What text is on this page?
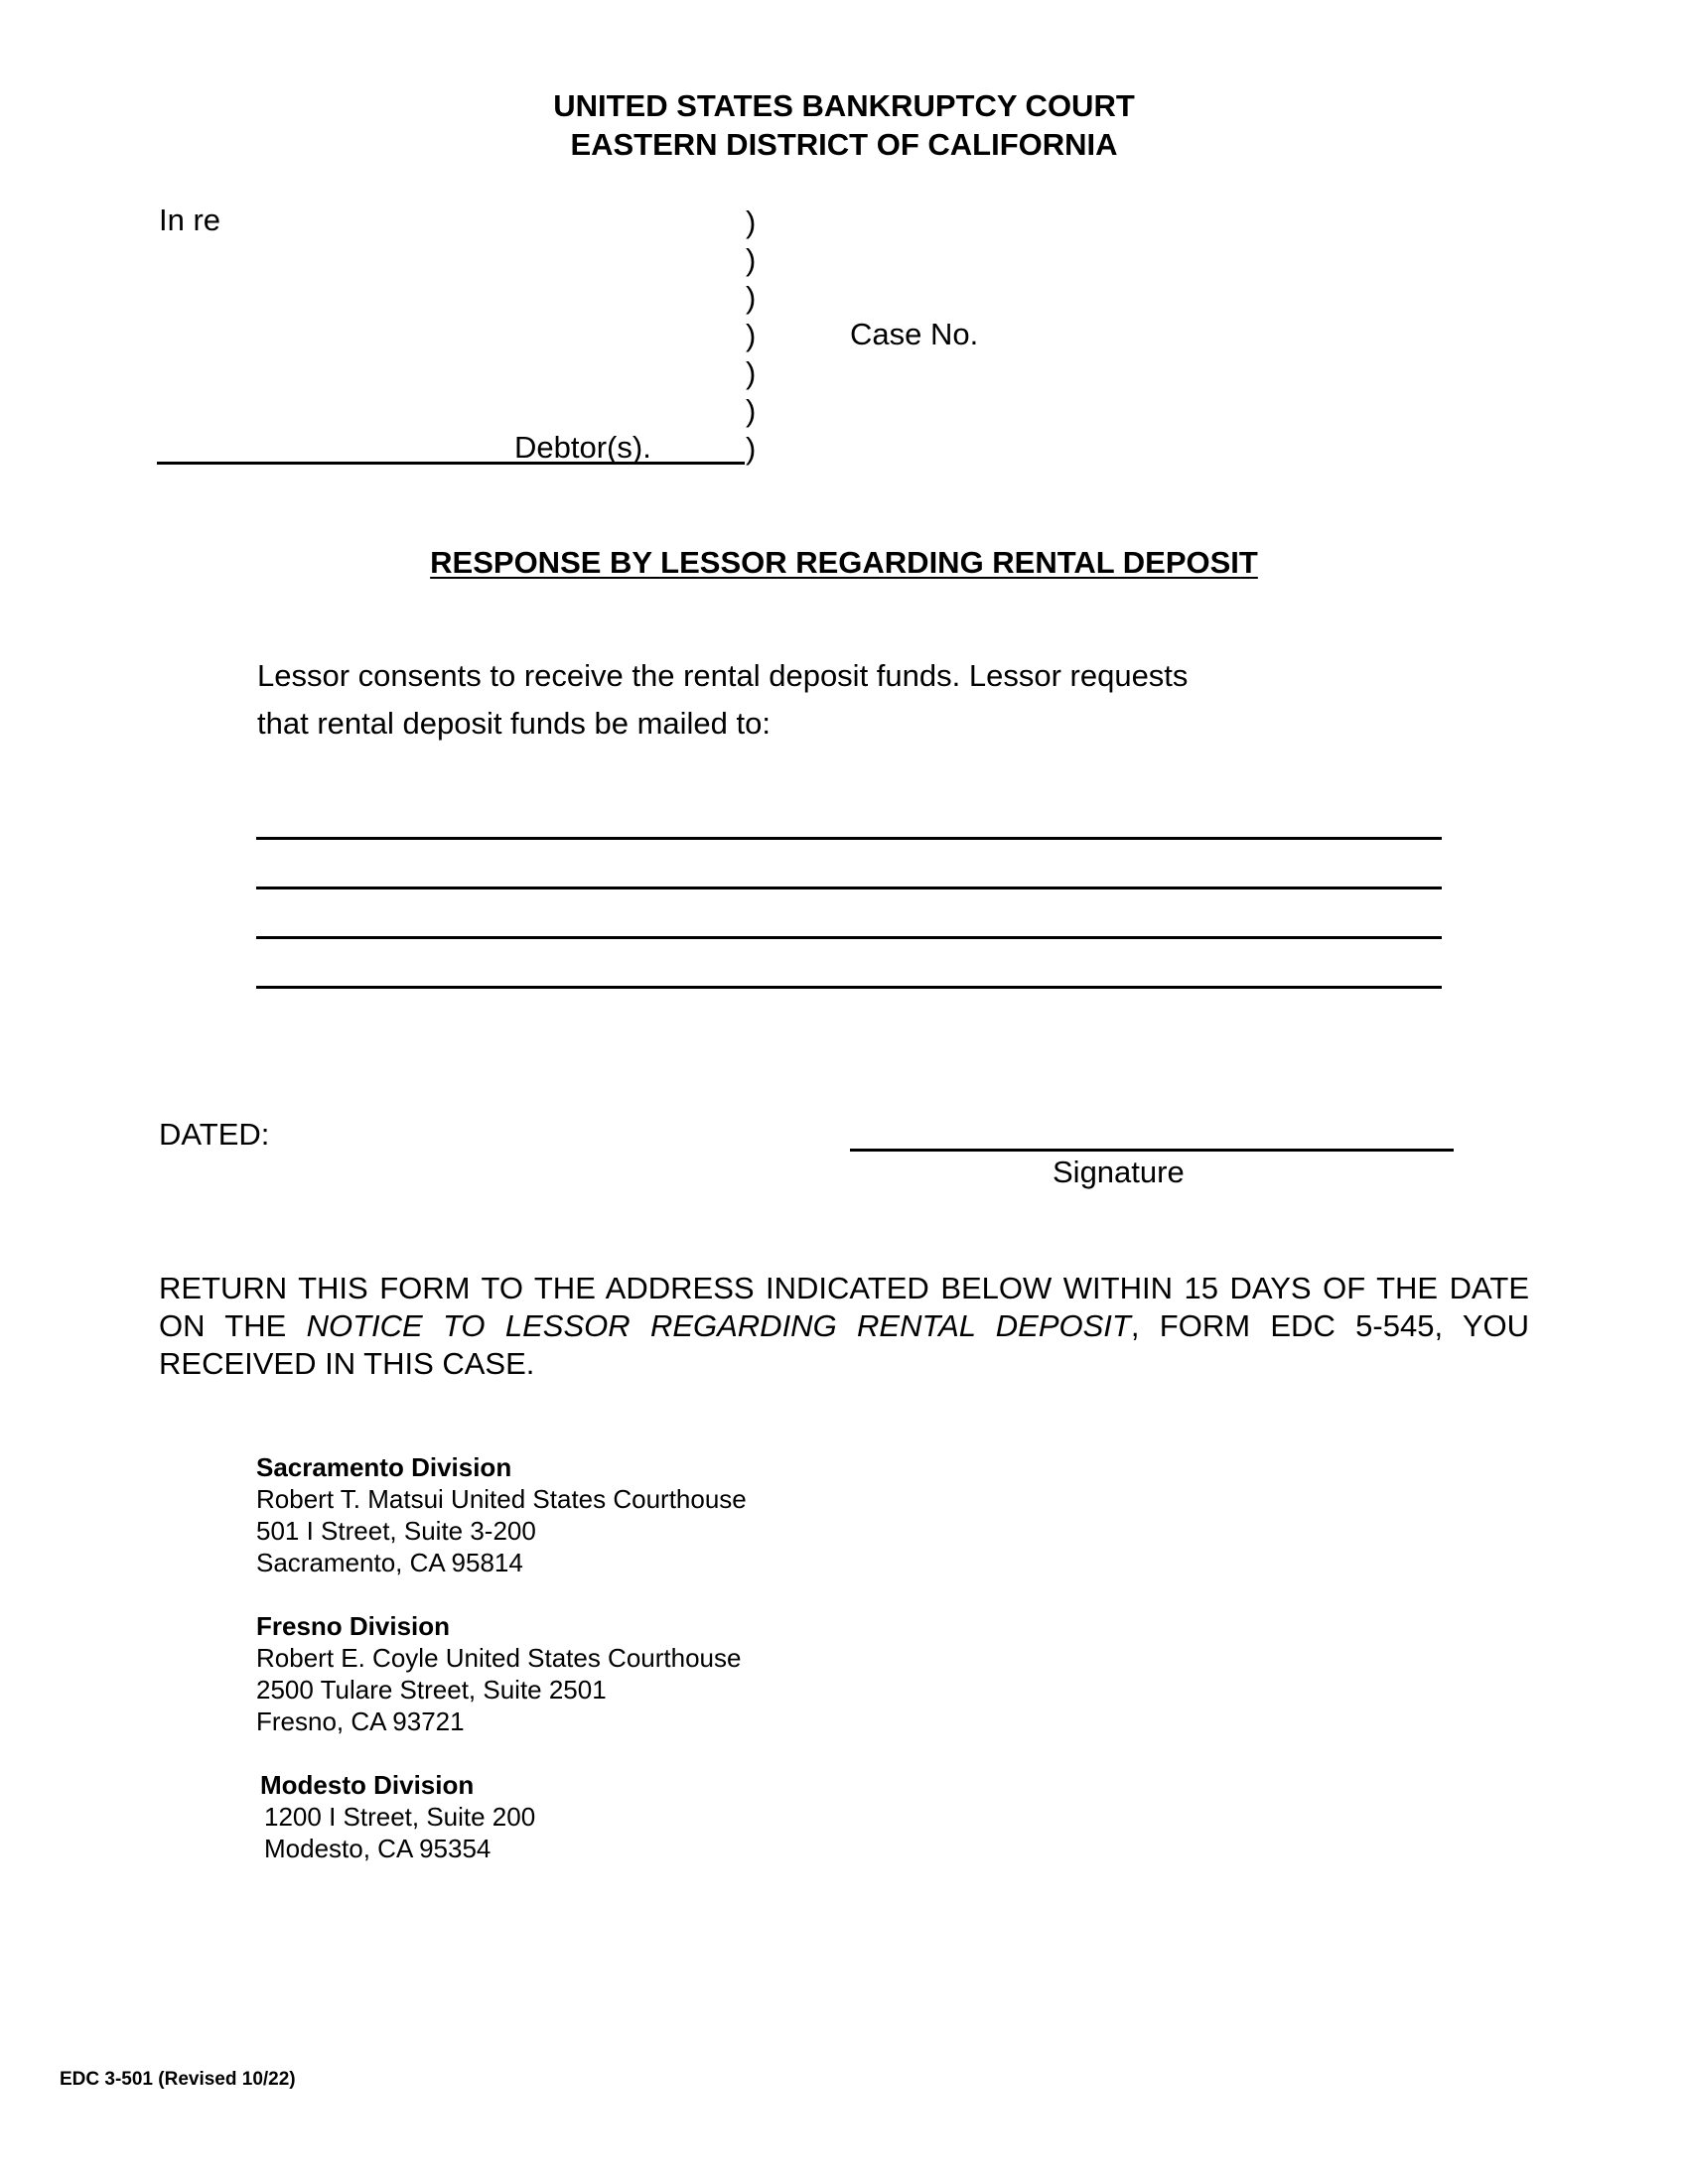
UNITED STATES BANKRUPTCY COURT
EASTERN DISTRICT OF CALIFORNIA
In re	)
)
)
)
)
)
)
Case No.
Debtor(s).
RESPONSE BY LESSOR REGARDING RENTAL DEPOSIT
Lessor consents to receive the rental deposit funds. Lessor requests
that rental deposit funds be mailed to:
DATED:
Signature
RETURN THIS FORM TO THE ADDRESS INDICATED BELOW WITHIN 15 DAYS OF THE DATE ON THE NOTICE TO LESSOR REGARDING RENTAL DEPOSIT, FORM EDC 5-545, YOU RECEIVED IN THIS CASE.
Sacramento Division
Robert T. Matsui United States Courthouse
501 I Street, Suite 3-200
Sacramento, CA 95814
Fresno Division
Robert E. Coyle United States Courthouse
2500 Tulare Street, Suite 2501
Fresno, CA 93721
Modesto Division
1200 I Street, Suite 200
Modesto, CA 95354
EDC 3-501 (Revised 10/22)
